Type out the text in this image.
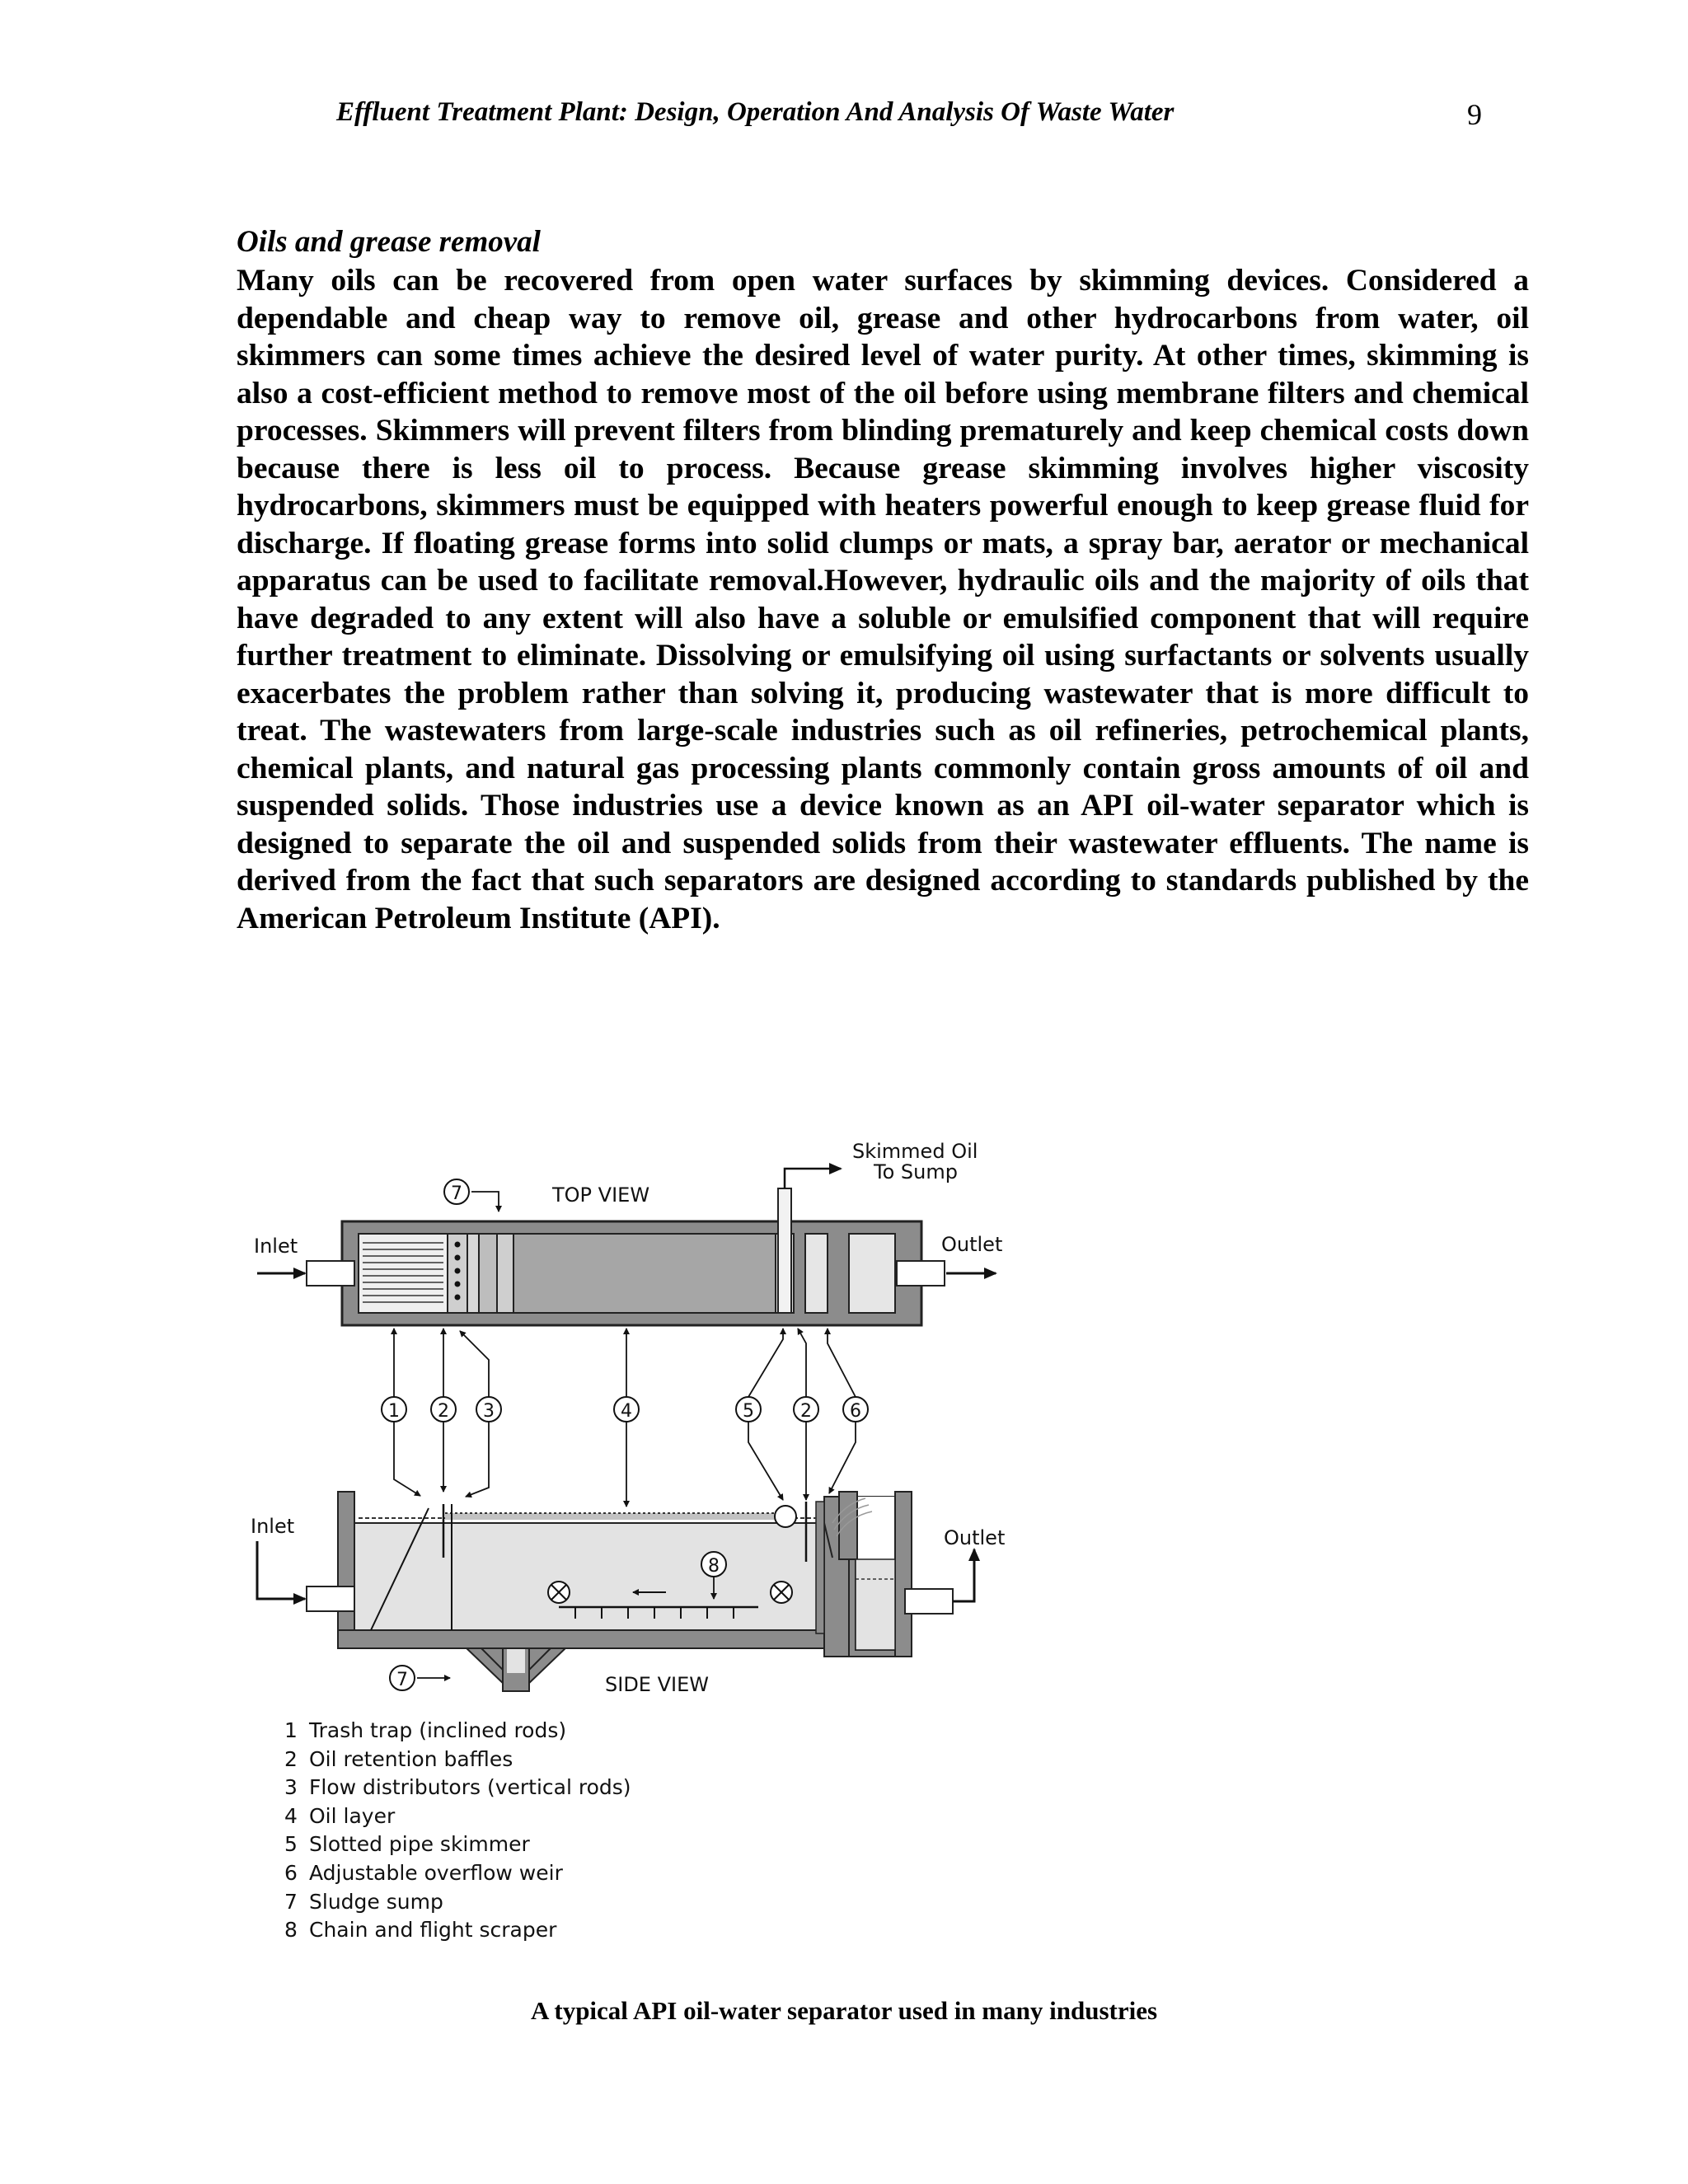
Effluent Treatment Plant: Design, Operation And Analysis Of Waste Water	9
Oils and grease removal

Many oils can be recovered from open water surfaces by skimming devices. Considered a dependable and cheap way to remove oil, grease and other hydrocarbons from water, oil skimmers can some times achieve the desired level of water purity. At other times, skimming is also a cost-efficient method to remove most of the oil before using membrane filters and chemical processes. Skimmers will prevent filters from blinding prematurely and keep chemical costs down because there is less oil to process. Because grease skimming involves higher viscosity hydrocarbons, skimmers must be equipped with heaters powerful enough to keep grease fluid for discharge. If floating grease forms into solid clumps or mats, a spray bar, aerator or mechanical apparatus can be used to facilitate removal.However, hydraulic oils and the majority of oils that have degraded to any extent will also have a soluble or emulsified component that will require further treatment to eliminate. Dissolving or emulsifying oil using surfactants or solvents usually exacerbates the problem rather than solving it, producing wastewater that is more difficult to treat. The wastewaters from large-scale industries such as oil refineries, petrochemical plants, chemical plants, and natural gas processing plants commonly contain gross amounts of oil and suspended solids. Those industries use a device known as an API oil-water separator which is designed to separate the oil and suspended solids from their wastewater effluents. The name is derived from the fact that such separators are designed according to standards published by the American Petroleum Institute (API).

7	TOP VIEW
Inlet	Outlet
Skimmed Oil
To Sump
1 2 3	4	5	2 6
8
Inlet	Outlet
7	SIDE VIEW
1 Trash trap (inclined rods)
2 Oil retention baffles
3 Flow distributors (vertical rods)
4 Oil layer
5 Slotted pipe skimmer
6 Adjustable overflow weir
7 Sludge sump
8 Chain and flight scraper
A typical API oil-water separator used in many industries
